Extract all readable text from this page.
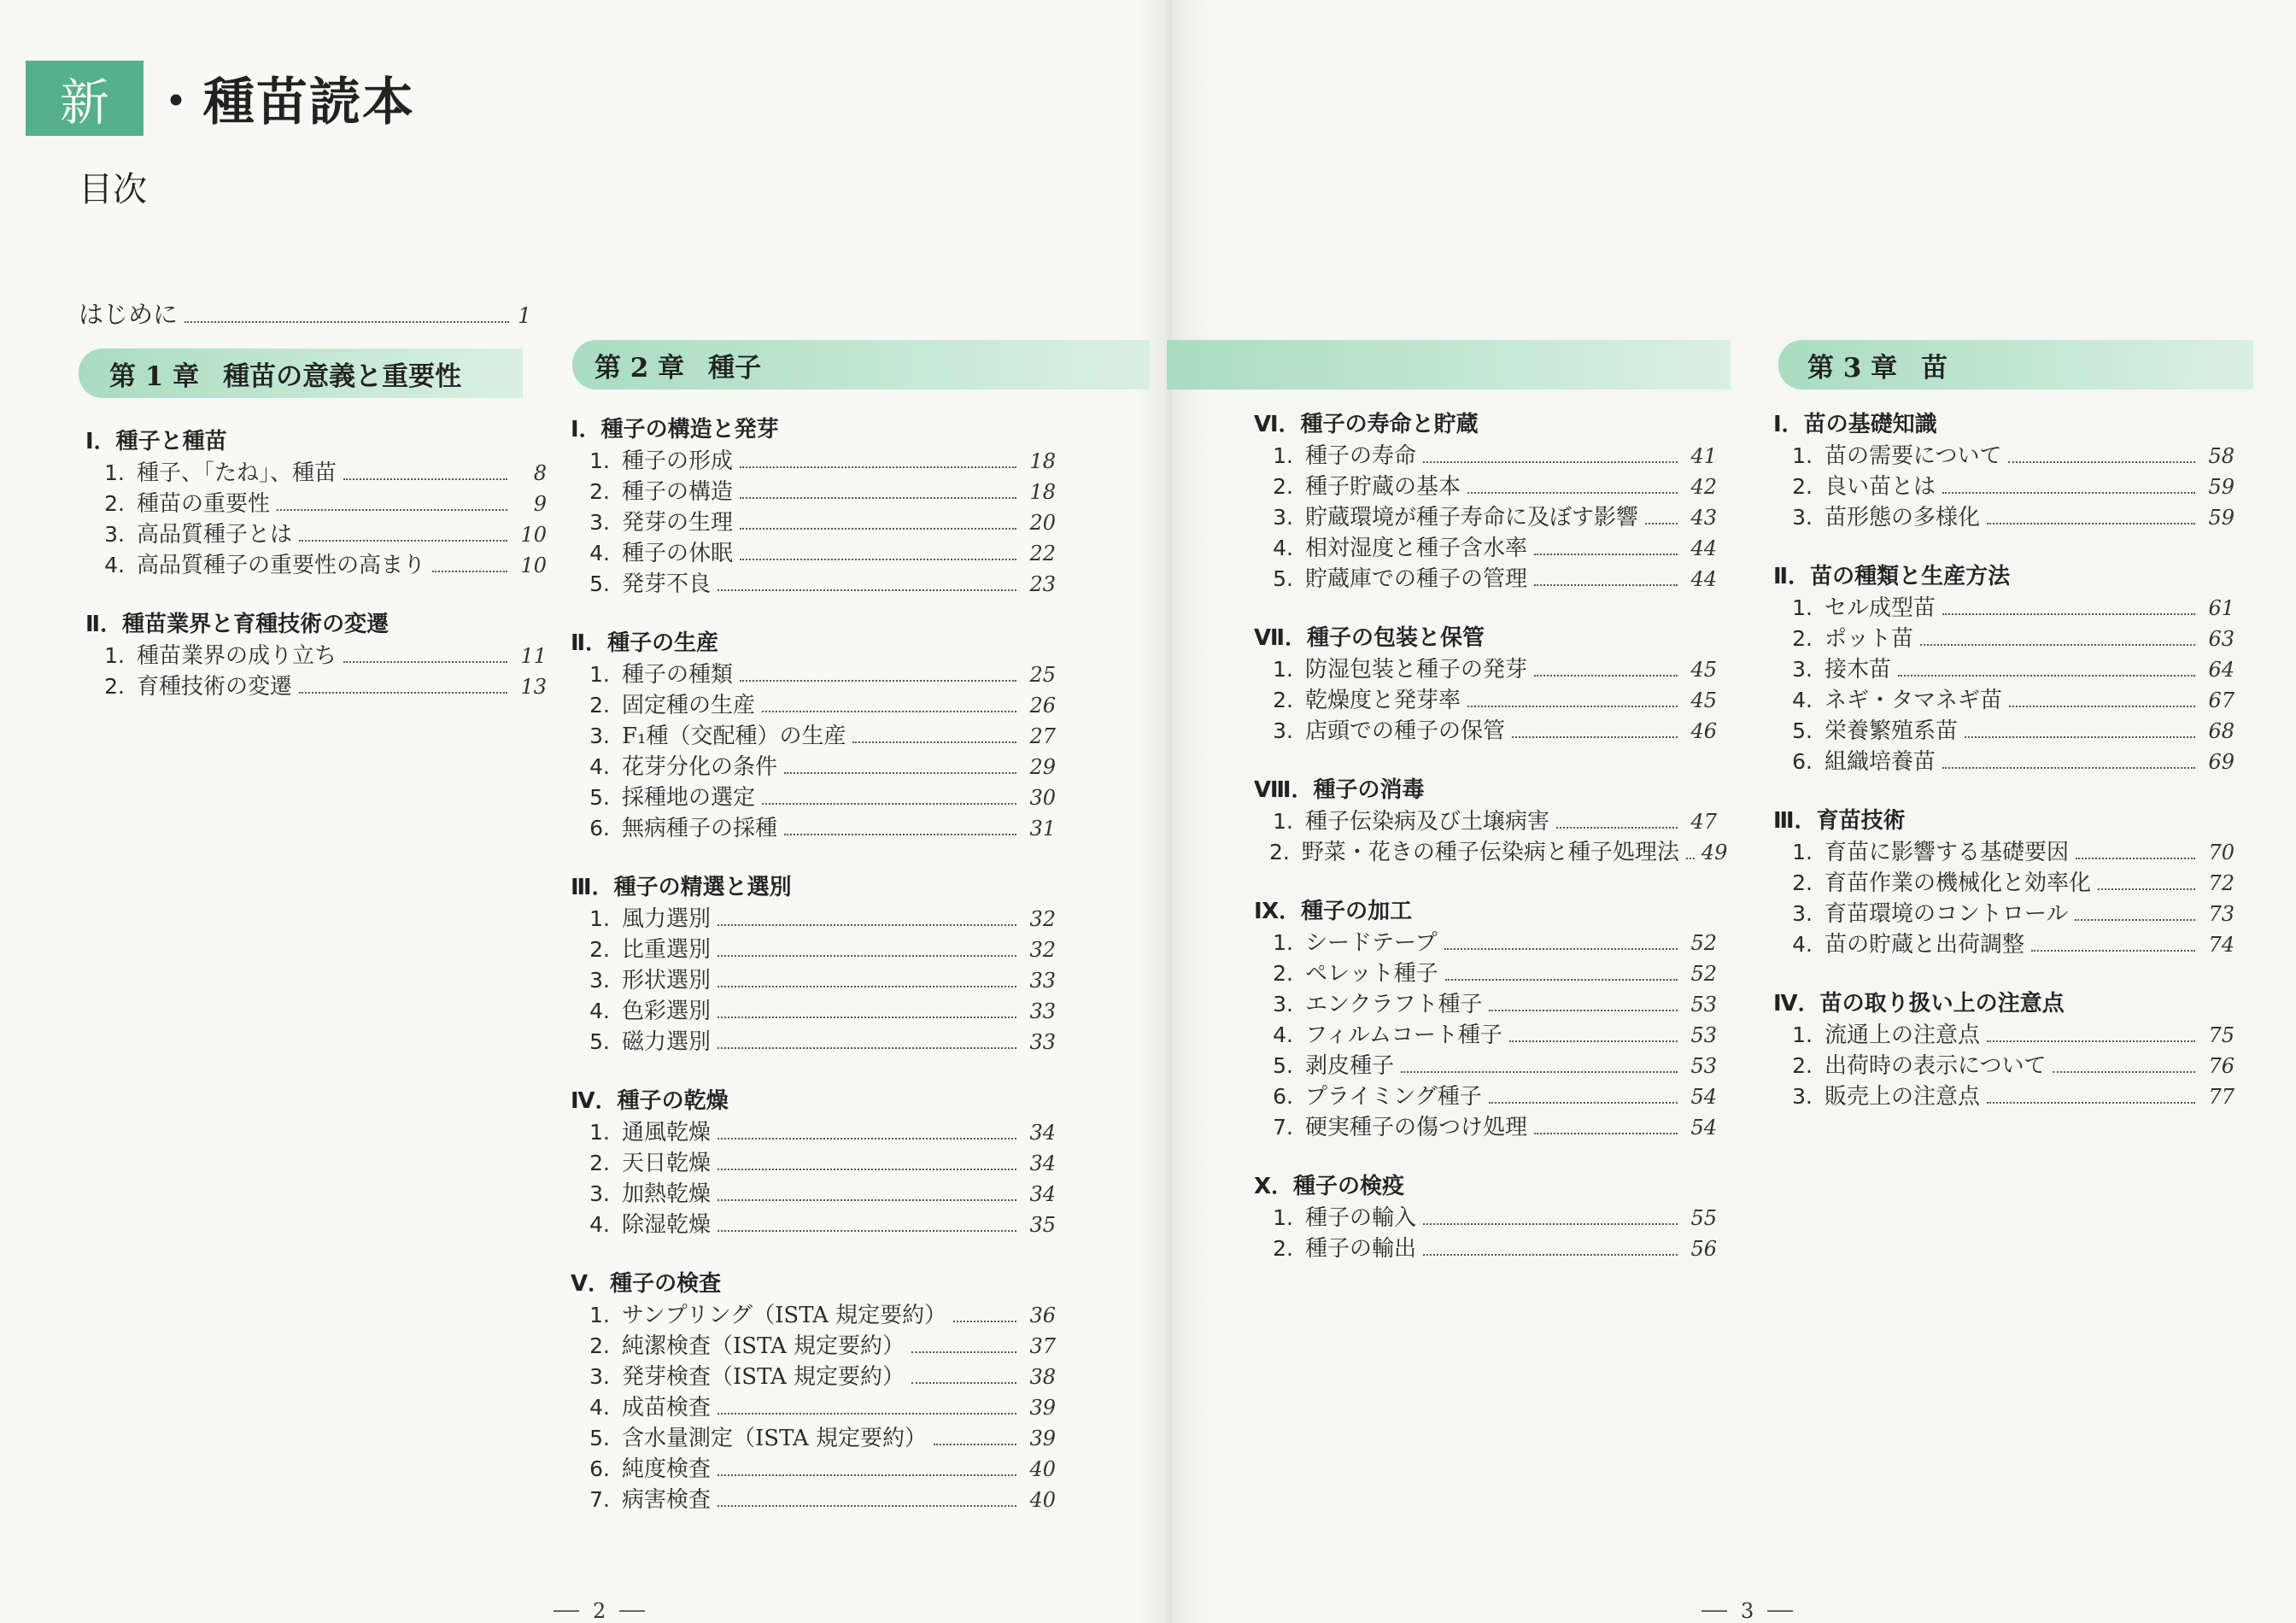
新 ・種苗読本
目次
はじめに	1
第 1 章 種苗の意義と重要性	第 2 章 種子	第 3 章 苗
Ⅰ．種子と種苗
1. 種子、「たね」、種苗	8
2. 種苗の重要性	9
3. 高品質種子とは	10
4. 高品質種子の重要性の高まり	10
Ⅱ．種苗業界と育種技術の変遷
1. 種苗業界の成り立ち	11
2. 育種技術の変遷	13
Ⅰ．種子の構造と発芽
1. 種子の形成	18
2. 種子の構造	18
3. 発芽の生理	20
4. 種子の休眠	22
5. 発芽不良	23
Ⅱ．種子の生産
1. 種子の種類	25
2. 固定種の生産	26
3. F₁種（交配種）の生産	27
4. 花芽分化の条件	29
5. 採種地の選定	30
6. 無病種子の採種	31
Ⅲ．種子の精選と選別
1. 風力選別	32
2. 比重選別	32
3. 形状選別	33
4. 色彩選別	33
5. 磁力選別	33
Ⅳ．種子の乾燥
1. 通風乾燥	34
2. 天日乾燥	34
3. 加熱乾燥	34
4. 除湿乾燥	35
Ⅴ．種子の検査
1. サンプリング（ISTA 規定要約）	36
2. 純潔検査（ISTA 規定要約）	37
3. 発芽検査（ISTA 規定要約）	38
4. 成苗検査	39
5. 含水量測定（ISTA 規定要約）	39
6. 純度検査	40
7. 病害検査	40
Ⅵ．種子の寿命と貯蔵
1. 種子の寿命	41
2. 種子貯蔵の基本	42
3. 貯蔵環境が種子寿命に及ぼす影響	43
4. 相対湿度と種子含水率	44
5. 貯蔵庫での種子の管理	44
Ⅶ．種子の包装と保管
1. 防湿包装と種子の発芽	45
2. 乾燥度と発芽率	45
3. 店頭での種子の保管	46
Ⅷ．種子の消毒
1. 種子伝染病及び土壌病害	47
2. 野菜・花きの種子伝染病と種子処理法 49
Ⅸ．種子の加工
1. シードテープ	52
2. ペレット種子	52
3. エンクラフト種子	53
4. フィルムコート種子	53
5. 剥皮種子	53
6. プライミング種子	54
7. 硬実種子の傷つけ処理	54
Ⅹ．種子の検疫
1. 種子の輸入	55
2. 種子の輸出	56
Ⅰ．苗の基礎知識
1. 苗の需要について	58
2. 良い苗とは	59
3. 苗形態の多様化	59
Ⅱ．苗の種類と生産方法
1. セル成型苗	61
2. ポット苗	63
3. 接木苗	64
4. ネギ・タマネギ苗	67
5. 栄養繁殖系苗	68
6. 組織培養苗	69
Ⅲ．育苗技術
1. 育苗に影響する基礎要因	70
2. 育苗作業の機械化と効率化	72
3. 育苗環境のコントロール	73
4. 苗の貯蔵と出荷調整	74
Ⅳ．苗の取り扱い上の注意点
1. 流通上の注意点	75
2. 出荷時の表示について	76
3. 販売上の注意点	77
2	3
